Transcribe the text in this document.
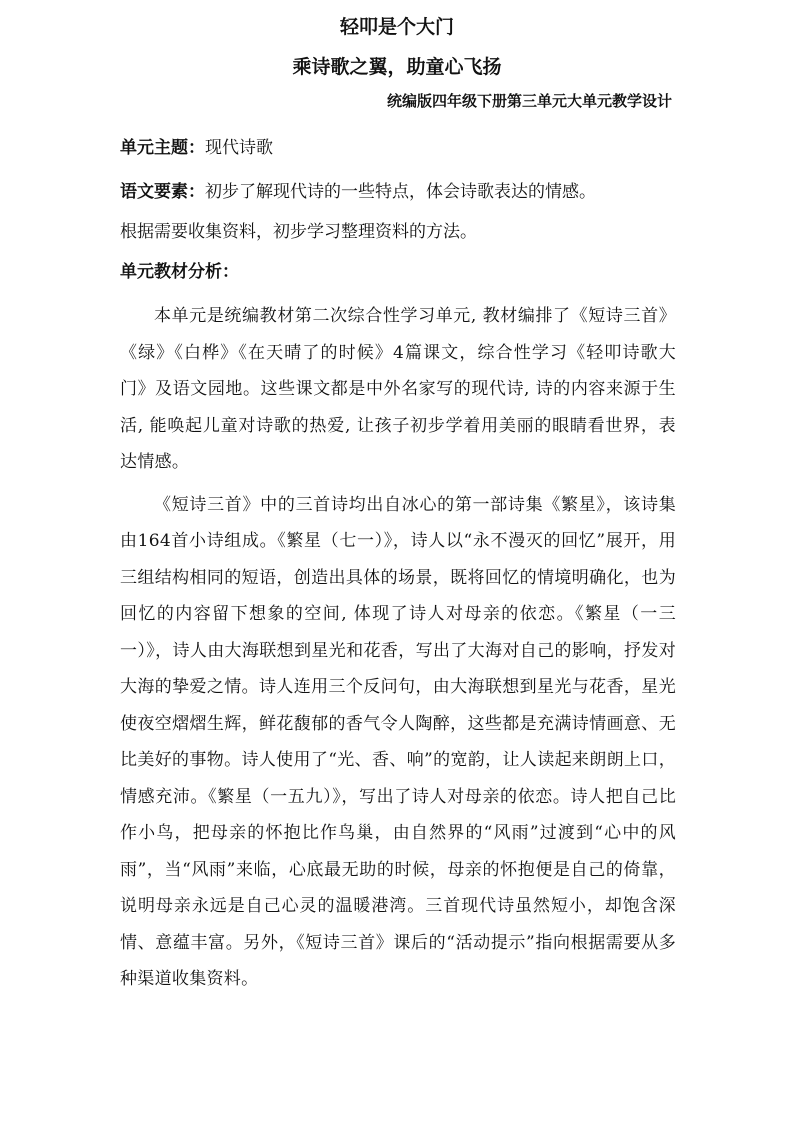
轻叩是个大门
乘诗歌之翼，助童心飞扬
统编版四年级下册第三单元大单元教学设计

单元主题：现代诗歌

语文要素：初步了解现代诗的一些特点，体会诗歌表达的情感。

根据需要收集资料，初步学习整理资料的方法。

单元教材分析：

本单元是统编教材第二次综合性学习单元, 教材编排了《短诗三首》《绿》《白桦》《在天晴了的时候》4篇课文，综合性学习《轻叩诗歌大门》及语文园地。这些课文都是中外名家写的现代诗, 诗的内容来源于生活, 能唤起儿童对诗歌的热爱, 让孩子初步学着用美丽的眼睛看世界，表达情感。

《短诗三首》中的三首诗均出自冰心的第一部诗集《繁星》，该诗集由164首小诗组成。《繁星（七一）》，诗人以“永不漫灭的回忆”展开，用三组结构相同的短语，创造出具体的场景，既将回忆的情境明确化，也为回忆的内容留下想象的空间, 体现了诗人对母亲的依恋。《繁星（一三一）》，诗人由大海联想到星光和花香，写出了大海对自己的影响，抒发对大海的挚爱之情。诗人连用三个反问句，由大海联想到星光与花香，星光使夜空熠熠生辉，鲜花馥郁的香气令人陶醉，这些都是充满诗情画意、无比美好的事物。诗人使用了“光、香、响”的宽韵，让人读起来朗朗上口，情感充沛。《繁星（一五九）》，写出了诗人对母亲的依恋。诗人把自己比作小鸟，把母亲的怀抱比作鸟巢，由自然界的“风雨”过渡到“心中的风雨”，当“风雨”来临，心底最无助的时候，母亲的怀抱便是自己的倚靠，说明母亲永远是自己心灵的温暖港湾。三首现代诗虽然短小，却饱含深情、意蕴丰富。另外，《短诗三首》课后的“活动提示”指向根据需要从多种渠道收集资料。
